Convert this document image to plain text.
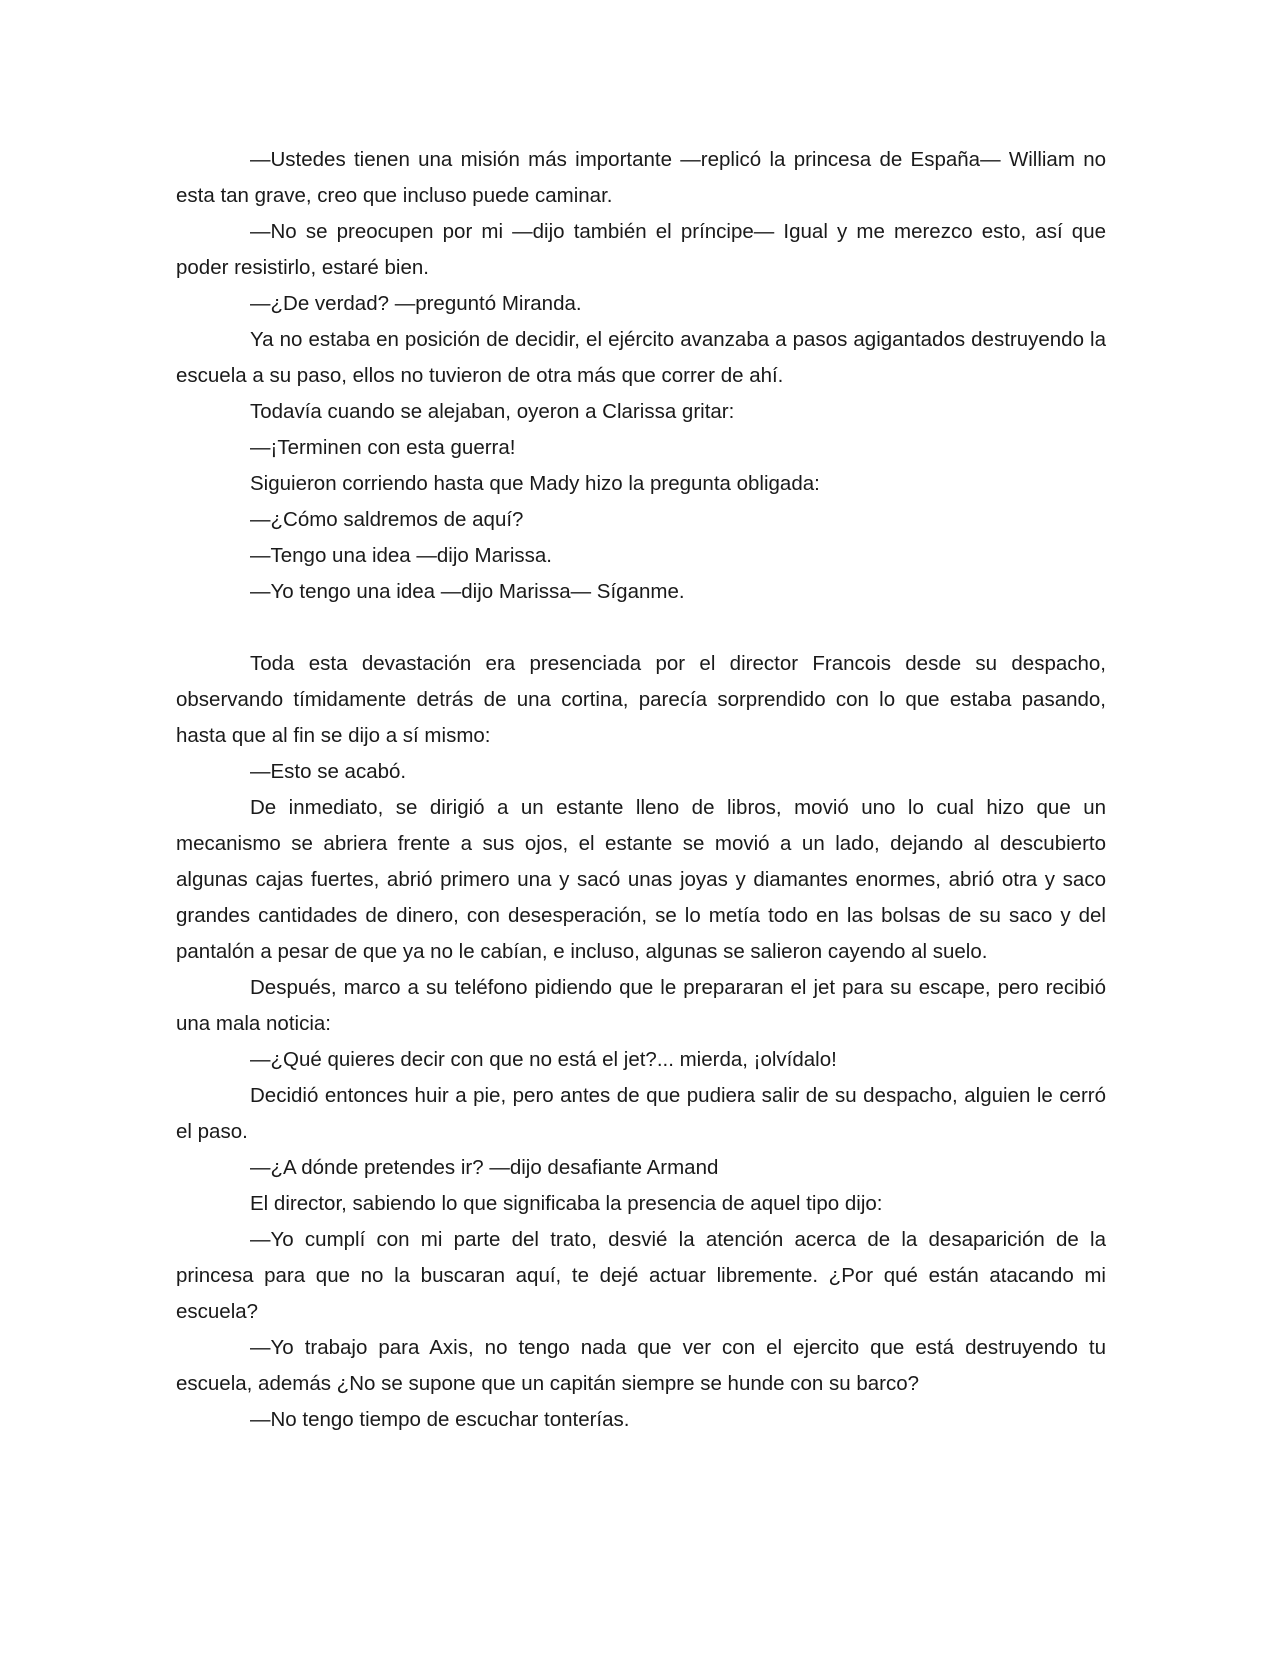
—Ustedes tienen una misión más importante —replicó la princesa de España— William no esta tan grave, creo que incluso puede caminar.

—No se preocupen por mi —dijo también el príncipe— Igual y me merezco esto, así que poder resistirlo, estaré bien.

—¿De verdad? —preguntó Miranda.

Ya no estaba en posición de decidir, el ejército avanzaba a pasos agigantados destruyendo la escuela a su paso, ellos no tuvieron de otra más que correr de ahí.

Todavía cuando se alejaban, oyeron a Clarissa gritar:

—¡Terminen con esta guerra!

Siguieron corriendo hasta que Mady hizo la pregunta obligada:

—¿Cómo saldremos de aquí?

—Tengo una idea —dijo Marissa.

—Yo tengo una idea —dijo Marissa— Síganme.

Toda esta devastación era presenciada por el director Francois desde su despacho, observando tímidamente detrás de una cortina, parecía sorprendido con lo que estaba pasando, hasta que al fin se dijo a sí mismo:

—Esto se acabó.

De inmediato, se dirigió a un estante lleno de libros, movió uno lo cual hizo que un mecanismo se abriera frente a sus ojos, el estante se movió a un lado, dejando al descubierto algunas cajas fuertes, abrió primero una y sacó unas joyas y diamantes enormes, abrió otra y saco grandes cantidades de dinero, con desesperación, se lo metía todo en las bolsas de su saco y del pantalón a pesar de que ya no le cabían, e incluso, algunas se salieron cayendo al suelo.

Después, marco a su teléfono pidiendo que le prepararan el jet para su escape, pero recibió una mala noticia:

—¿Qué quieres decir con que no está el jet?... mierda, ¡olvídalo!

Decidió entonces huir a pie, pero antes de que pudiera salir de su despacho, alguien le cerró el paso.

—¿A dónde pretendes ir? —dijo desafiante Armand

El director, sabiendo lo que significaba la presencia de aquel tipo dijo:

—Yo cumplí con mi parte del trato, desvié la atención acerca de la desaparición de la princesa para que no la buscaran aquí, te dejé actuar libremente. ¿Por qué están atacando mi escuela?

—Yo trabajo para Axis, no tengo nada que ver con el ejercito que está destruyendo tu escuela, además ¿No se supone que un capitán siempre se hunde con su barco?

—No tengo tiempo de escuchar tonterías.
